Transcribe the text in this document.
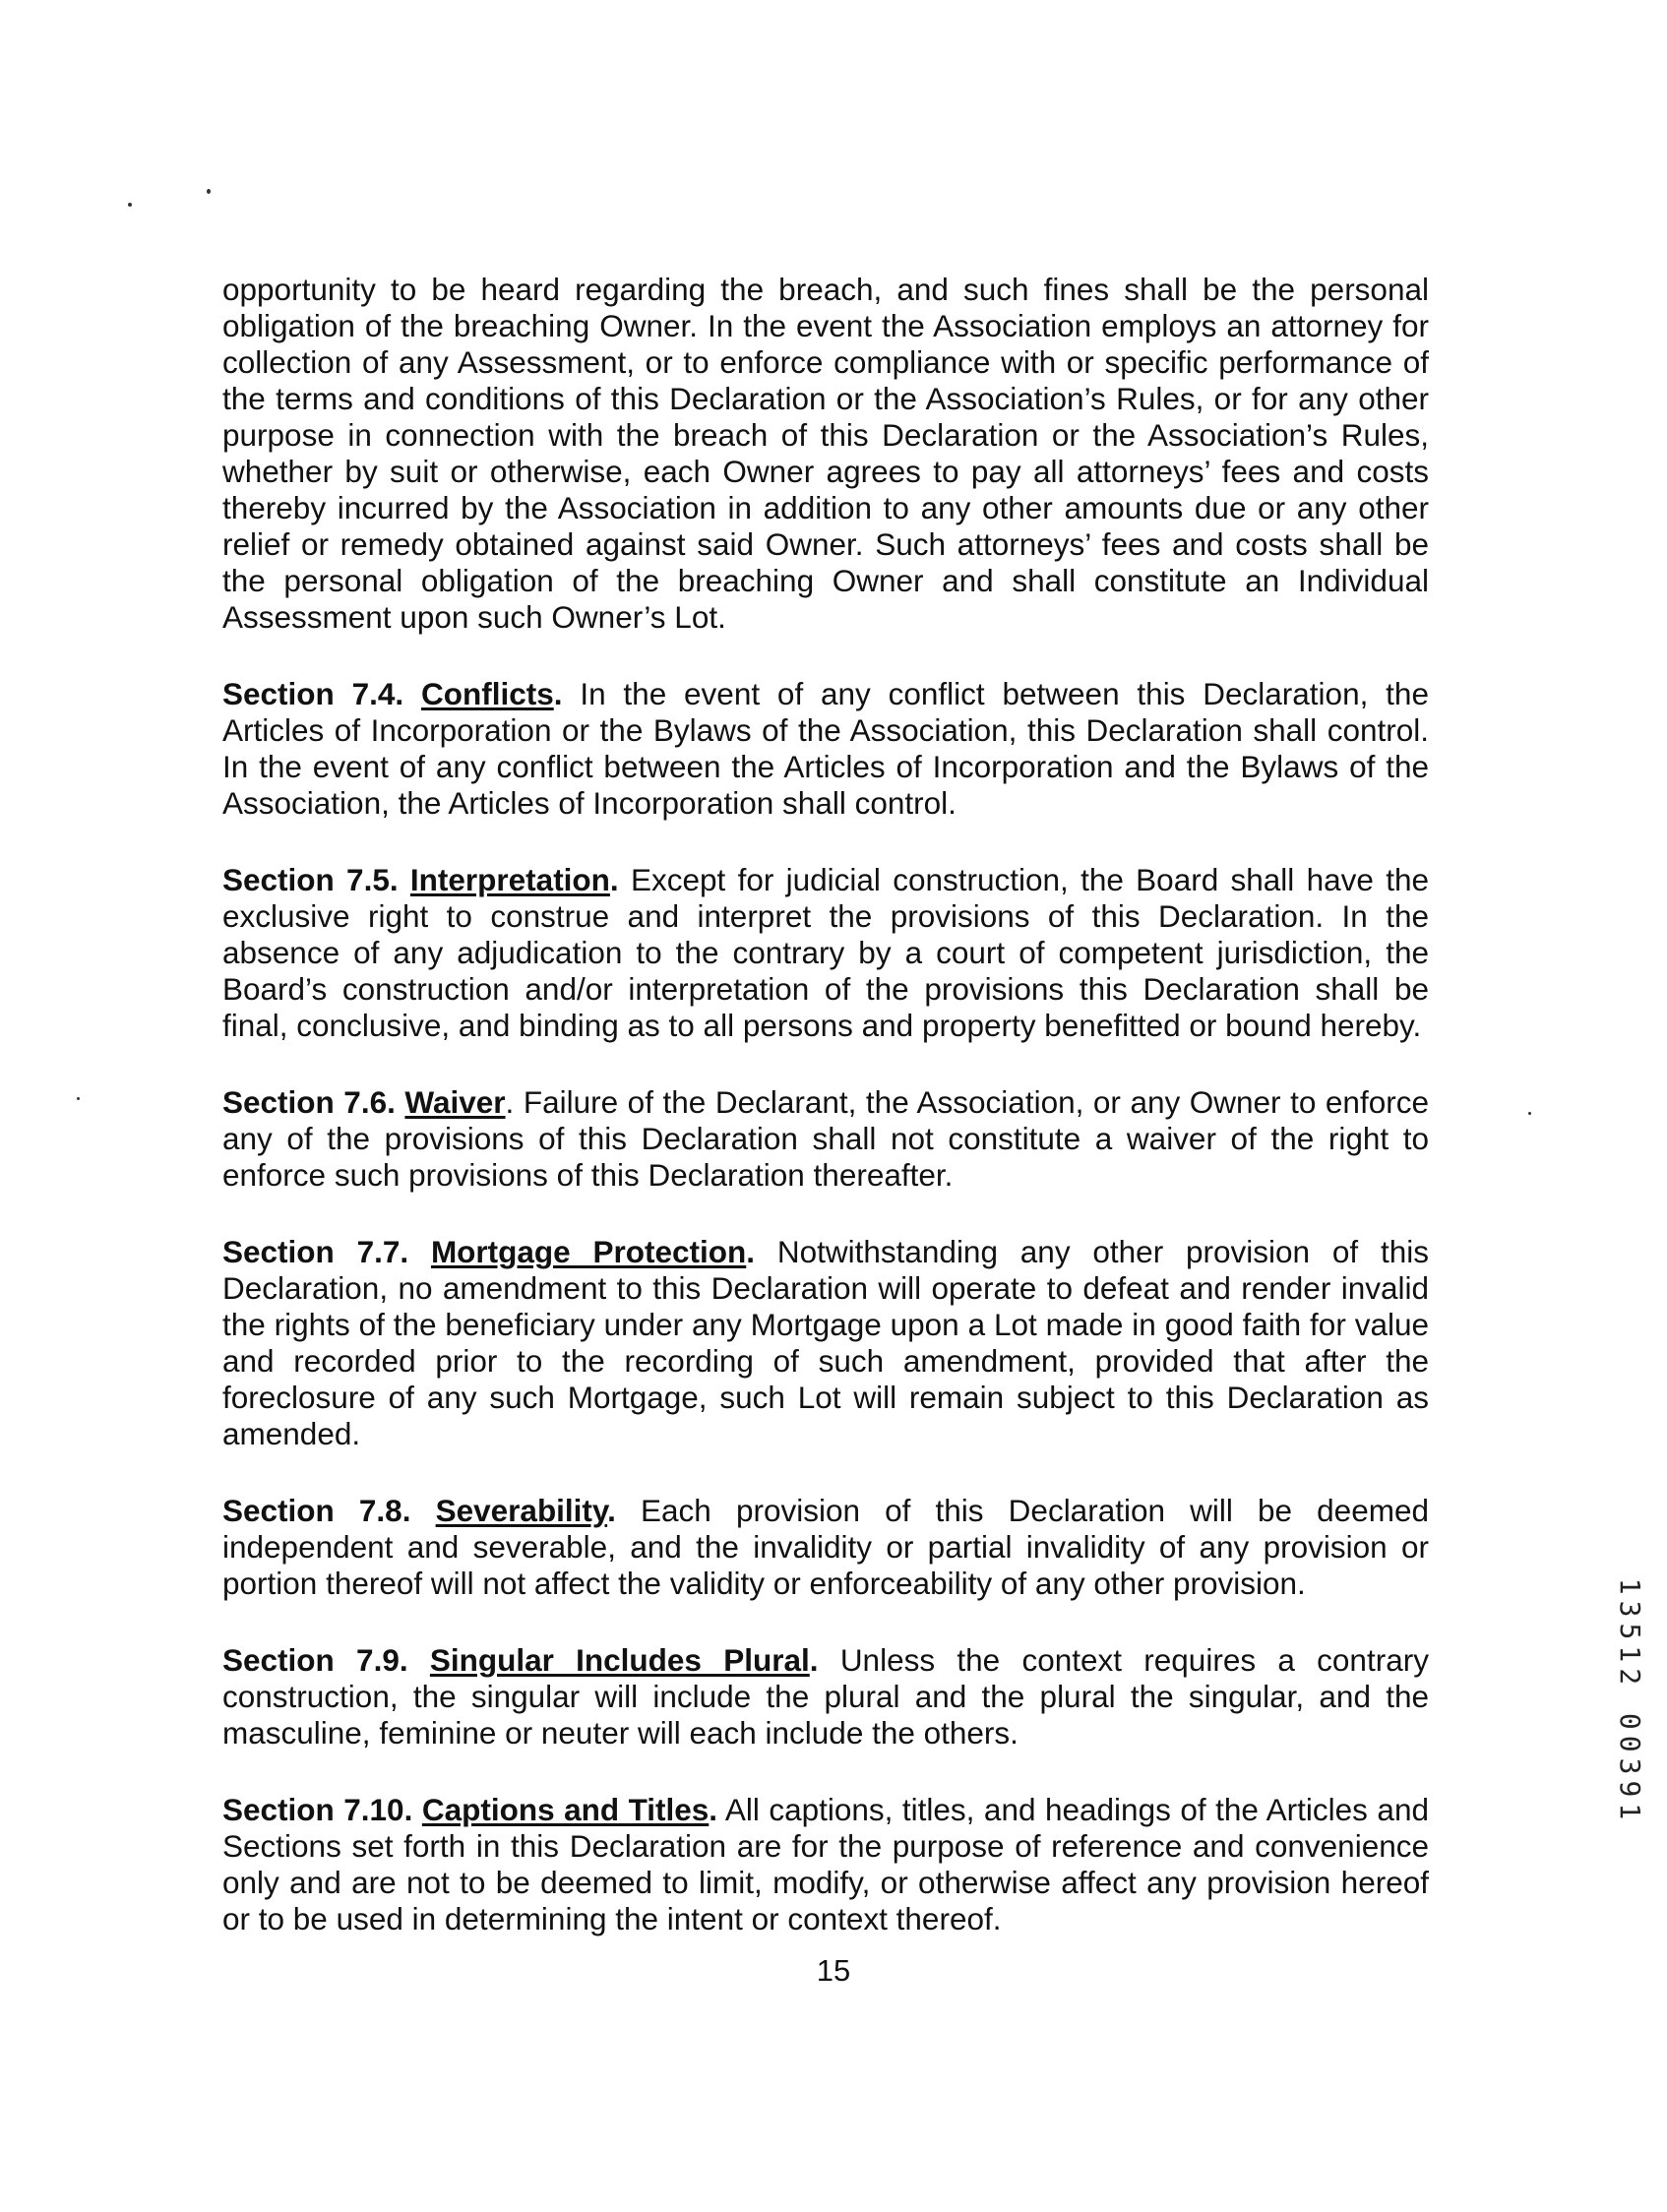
opportunity to be heard regarding the breach, and such fines shall be the personal obligation of the breaching Owner. In the event the Association employs an attorney for collection of any Assessment, or to enforce compliance with or specific performance of the terms and conditions of this Declaration or the Association’s Rules, or for any other purpose in connection with the breach of this Declaration or the Association’s Rules, whether by suit or otherwise, each Owner agrees to pay all attorneys’ fees and costs thereby incurred by the Association in addition to any other amounts due or any other relief or remedy obtained against said Owner. Such attorneys’ fees and costs shall be the personal obligation of the breaching Owner and shall constitute an Individual Assessment upon such Owner’s Lot.

Section 7.4. Conflicts. In the event of any conflict between this Declaration, the Articles of Incorporation or the Bylaws of the Association, this Declaration shall control. In the event of any conflict between the Articles of Incorporation and the Bylaws of the Association, the Articles of Incorporation shall control.

Section 7.5. Interpretation. Except for judicial construction, the Board shall have the exclusive right to construe and interpret the provisions of this Declaration. In the absence of any adjudication to the contrary by a court of competent jurisdiction, the Board’s construction and/or interpretation of the provisions this Declaration shall be final, conclusive, and binding as to all persons and property benefitted or bound hereby.

Section 7.6. Waiver. Failure of the Declarant, the Association, or any Owner to enforce any of the provisions of this Declaration shall not constitute a waiver of the right to enforce such provisions of this Declaration thereafter.

Section 7.7. Mortgage Protection. Notwithstanding any other provision of this Declaration, no amendment to this Declaration will operate to defeat and render invalid the rights of the beneficiary under any Mortgage upon a Lot made in good faith for value and recorded prior to the recording of such amendment, provided that after the foreclosure of any such Mortgage, such Lot will remain subject to this Declaration as amended.

Section 7.8. Severability. Each provision of this Declaration will be deemed independent and severable, and the invalidity or partial invalidity of any provision or portion thereof will not affect the validity or enforceability of any other provision.

Section 7.9. Singular Includes Plural. Unless the context requires a contrary construction, the singular will include the plural and the plural the singular, and the masculine, feminine or neuter will each include the others.

Section 7.10. Captions and Titles. All captions, titles, and headings of the Articles and Sections set forth in this Declaration are for the purpose of reference and convenience only and are not to be deemed to limit, modify, or otherwise affect any provision hereof or to be used in determining the intent or context thereof.

15
13512 00391
